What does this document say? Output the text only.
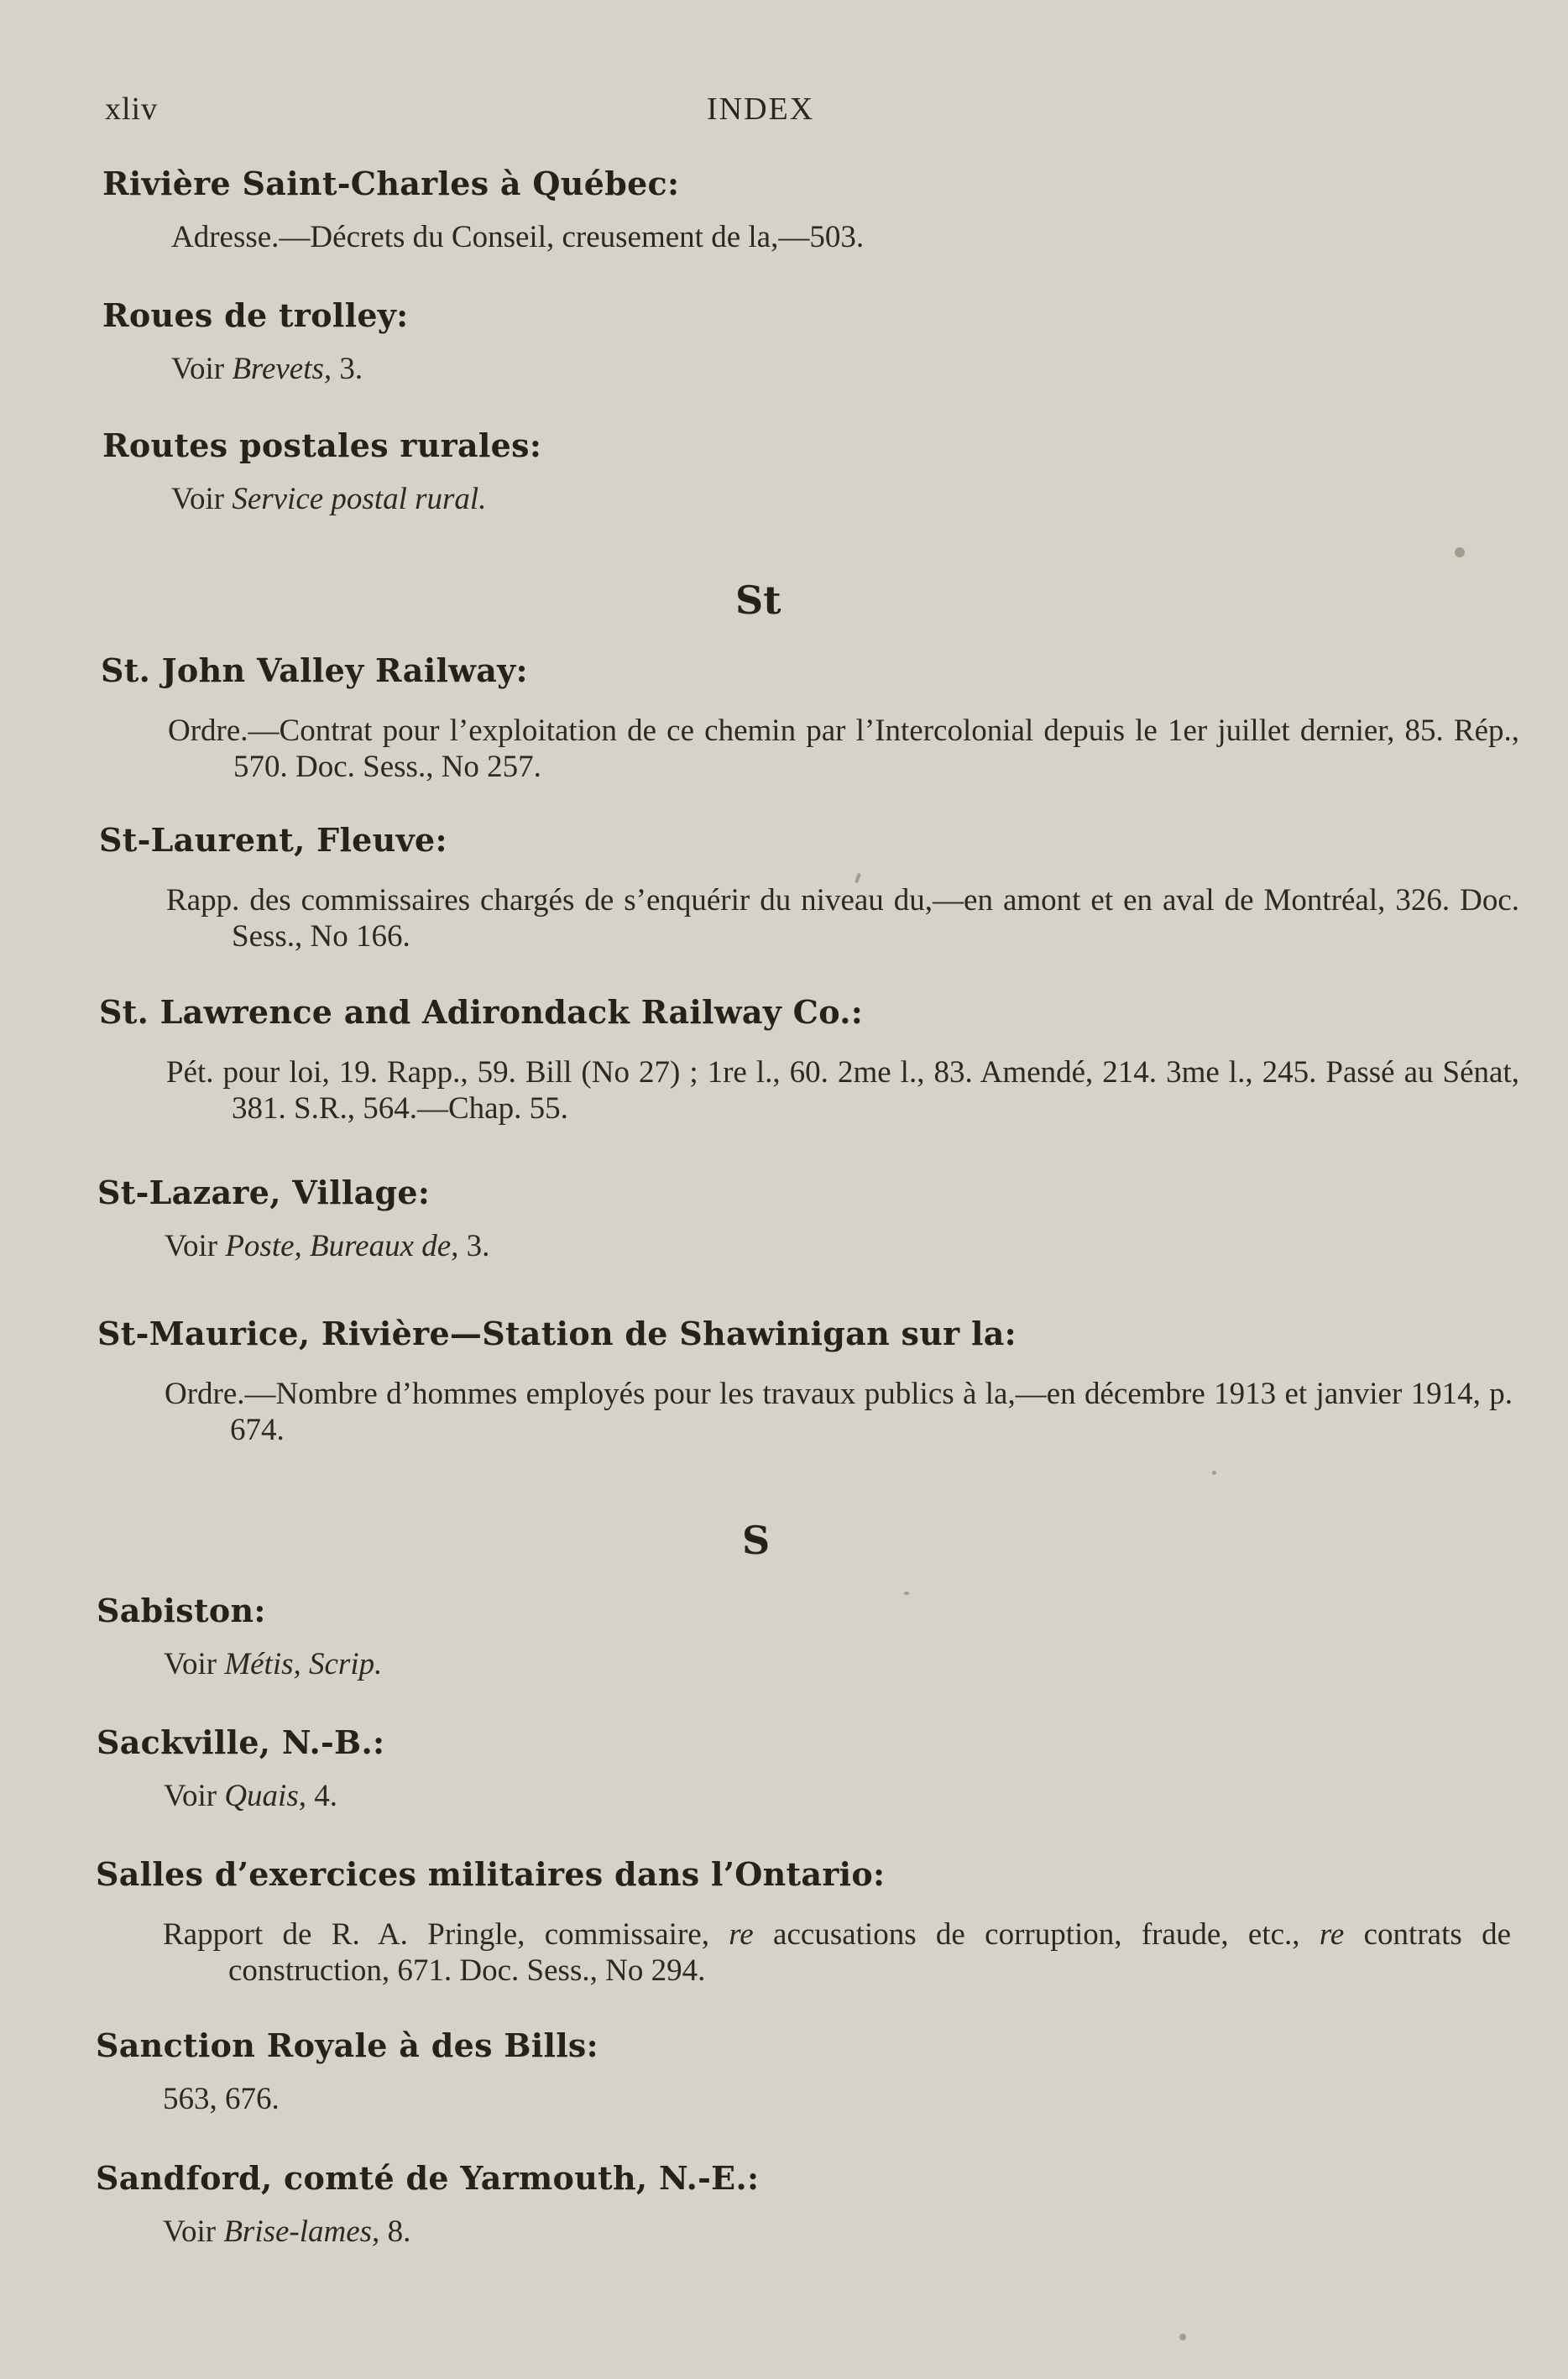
xliv	INDEX
Rivière Saint-Charles à Québec:
Adresse.—Décrets du Conseil, creusement de la,—503.
Roues de trolley:
Voir Brevets, 3.
Routes postales rurales:
Voir Service postal rural.
St
St. John Valley Railway:
Ordre.—Contrat pour l’exploitation de ce chemin par l’Intercolonial depuis le 1er juillet dernier, 85. Rép., 570. Doc. Sess., No 257.
St-Laurent, Fleuve:
Rapp. des commissaires chargés de s’enquérir du niveau du,—en amont et en aval de Montréal, 326. Doc. Sess., No 166.
St. Lawrence and Adirondack Railway Co.:
Pét. pour loi, 19. Rapp., 59. Bill (No 27) ; 1re l., 60. 2me l., 83. Amendé, 214. 3me l., 245. Passé au Sénat, 381. S.R., 564.—Chap. 55.
St-Lazare, Village:
Voir Poste, Bureaux de, 3.
St-Maurice, Rivière—Station de Shawinigan sur la:
Ordre.—Nombre d’hommes employés pour les travaux publics à la,—en décembre 1913 et janvier 1914, p. 674.
S
Sabiston:
Voir Métis, Scrip.
Sackville, N.-B.:
Voir Quais, 4.
Salles d’exercices militaires dans l’Ontario:
Rapport de R. A. Pringle, commissaire, re accusations de corruption, fraude, etc., re contrats de construction, 671. Doc. Sess., No 294.
Sanction Royale à des Bills:
563, 676.
Sandford, comté de Yarmouth, N.-E.:
Voir Brise-lames, 8.
